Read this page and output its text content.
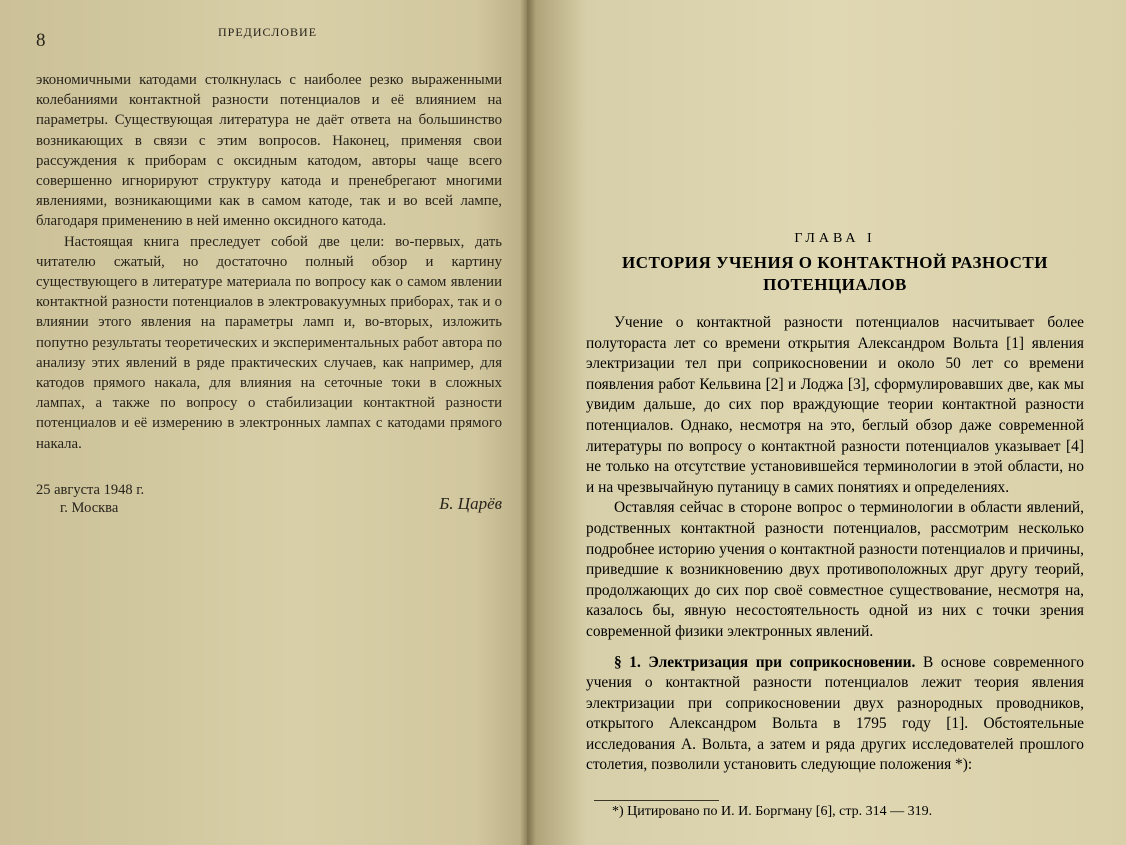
8	ПРЕДИСЛОВИЕ

экономичными катодами столкнулась с наиболее резко выраженными колебаниями контактной разности потенциалов и её влиянием на параметры. Существующая литература не даёт ответа на большинство возникающих в связи с этим вопросов. Наконец, применяя свои рассуждения к приборам с оксидным катодом, авторы чаще всего совершенно игнорируют структуру катода и пренебрегают многими явлениями, возникающими как в самом катоде, так и во всей лампе, благодаря применению в ней именно оксидного катода.

Настоящая книга преследует собой две цели: во-первых, дать читателю сжатый, но достаточно полный обзор и картину существующего в литературе материала по вопросу как о самом явлении контактной разности потенциалов в электровакуумных приборах, так и о влиянии этого явления на параметры ламп и, во-вторых, изложить попутно результаты теоретических и экспериментальных работ автора по анализу этих явлений в ряде практических случаев, как например, для катодов прямого накала, для влияния на сеточные токи в сложных лампах, а также по вопросу о стабилизации контактной разности потенциалов и её измерению в электронных лампах с катодами прямого накала.

25 августа 1948 г.
г. Москва	Б. Царёв
ГЛАВА I
ИСТОРИЯ УЧЕНИЯ О КОНТАКТНОЙ РАЗНОСТИ ПОТЕНЦИАЛОВ

Учение о контактной разности потенциалов насчитывает более полутораста лет со времени открытия Александром Вольта [1] явления электризации тел при соприкосновении и около 50 лет со времени появления работ Кельвина [2] и Лоджа [3], сформулировавших две, как мы увидим дальше, до сих пор враждующие теории контактной разности потенциалов. Однако, несмотря на это, беглый обзор даже современной литературы по вопросу о контактной разности потенциалов указывает [4] не только на отсутствие установившейся терминологии в этой области, но и на чрезвычайную путаницу в самих понятиях и определениях.

Оставляя сейчас в стороне вопрос о терминологии в области явлений, родственных контактной разности потенциалов, рассмотрим несколько подробнее историю учения о контактной разности потенциалов и причины, приведшие к возникновению двух противоположных друг другу теорий, продолжающих до сих пор своё совместное существование, несмотря на, казалось бы, явную несостоятельность одной из них с точки зрения современной физики электронных явлений.

§ 1. Электризация при соприкосновении. В основе современного учения о контактной разности потенциалов лежит теория явления электризации при соприкосновении двух разнородных проводников, открытого Александром Вольта в 1795 году [1]. Обстоятельные исследования А. Вольта, а затем и ряда других исследователей прошлого столетия, позволили установить следующие положения *):

*) Цитировано по И. И. Боргману [6], стр. 314 — 319.
